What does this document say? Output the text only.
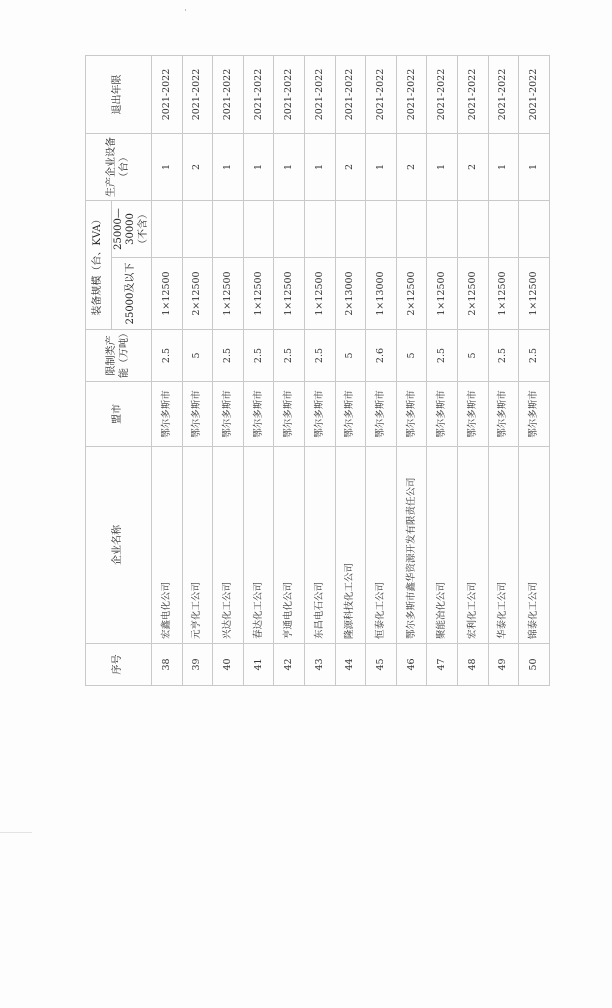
序号	企业名称	盟市	限制类产能（万吨）	装备规模（台、KVA）		生产企业设备（台）	退出年限
				25000及以下	25000—30000（不含）		
38	宏鑫电化公司	鄂尔多斯市	2.5	1×12500		1	2021-2022
39	元亨化工公司	鄂尔多斯市	5	2×12500		2	2021-2022
40	兴达化工公司	鄂尔多斯市	2.5	1×12500		1	2021-2022
41	春达化工公司	鄂尔多斯市	2.5	1×12500		1	2021-2022
42	亨通电化公司	鄂尔多斯市	2.5	1×12500		1	2021-2022
43	东昌电石公司	鄂尔多斯市	2.5	1×12500		1	2021-2022
44	隆源科技化工公司	鄂尔多斯市	5	2×13000		2	2021-2022
45	恒泰化工公司	鄂尔多斯市	2.6	1×13000		1	2021-2022
46	鄂尔多斯市鑫华资源开发有限责任公司	鄂尔多斯市	5	2×12500		2	2021-2022
47	聚能冶化公司	鄂尔多斯市	2.5	1×12500		1	2021-2022
48	宏利化工公司	鄂尔多斯市	5	2×12500		2	2021-2022
49	华泰化工公司	鄂尔多斯市	2.5	1×12500		1	2021-2022
50	锦泰化工公司	鄂尔多斯市	2.5	1×12500		1	2021-2022
